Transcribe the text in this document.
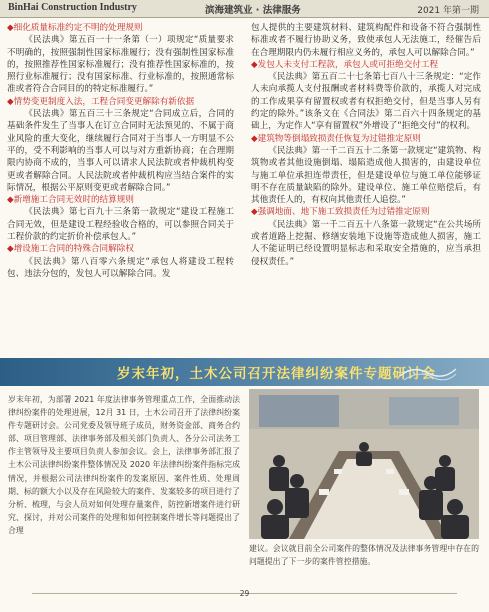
BinHai Construction Industry	滨海建筑业 · 法律服务	2021 年第一期

◆细化质量标准约定不明的处理规则

《民法典》第五百一十一条第（一）项规定“质量要求不明确的，按照强制性国家标准履行；没有强制性国家标准的，按照推荐性国家标准履行；没有推荐性国家标准的，按照行业标准履行；没有国家标准、行业标准的，按照通常标准或者符合合同目的的特定标准履行。”

◆情势变更制度入法，工程合同变更解除有新依据

《民法典》第五百三十三条规定“合同成立后，合同的基础条件发生了当事人在订立合同时无法预见的、不属于商业风险的重大变化，继续履行合同对于当事人一方明显不公平的，受不利影响的当事人可以与对方重新协商；在合理期限内协商不成的，当事人可以请求人民法院或者仲裁机构变更或者解除合同。人民法院或者仲裁机构应当结合案件的实际情况，根据公平原则变更或者解除合同。”

◆新增施工合同无效时的结算规则

《民法典》第七百九十三条第一款规定“建设工程施工合同无效，但是建设工程经验收合格的，可以参照合同关于工程价款的约定折价补偿承包人。”

◆增设施工合同的特殊合同解除权

《民法典》第八百零六条规定“承包人将建设工程转包、违法分包的，发包人可以解除合同。发

包人提供的主要建筑材料、建筑构配件和设备不符合强制性标准或者不履行协助义务，致使承包人无法施工，经催告后在合理期限内仍未履行相应义务的，承包人可以解除合同。”

◆发包人未支付工程款，承包人或可拒绝交付工程

《民法典》第五百二十七条第七百八十三条规定：“定作人未向承揽人支付报酬或者材料费等价款的，承揽人对完成的工作成果享有留置权或者有权拒绝交付，但是当事人另有约定的除外。”该条文在《合同法》第二百六十四条规定的基础上，为定作人“享有留置权”外增设了“拒绝交付”的权利。

◆建筑物等倒塌致损责任恢复为过错推定原则

《民法典》第一千二百五十二条第一款规定“建筑物、构筑物或者其他设施倒塌、塌陷造成他人损害的，由建设单位与施工单位承担连带责任，但是建设单位与施工单位能够证明不存在质量缺陷的除外。建设单位、施工单位赔偿后，有其他责任人的，有权向其他责任人追偿。”

◆强调地面、地下施工致损责任为过错推定原则

《民法典》第一千二百五十八条第一款规定“在公共场所或者道路上挖掘、修缮安装地下设施等造成他人损害，施工人不能证明已经设置明显标志和采取安全措施的，应当承担侵权责任。”

岁末年初，土木公司召开法律纠纷案件专题研讨会
岁末年初，为部署 2021 年度法律事务管理重点工作，全面推动法律纠纷案件的处理进展，12月 31 日，土木公司召开了法律纠纷案件专题研讨会。公司党委及领导班子成员，财务资金部、商务合约部、项目管理部、法律事务部及相关部门负责人、各分公司法务工作主管领导及主要项目负责人参加会议。会上，法律事务部汇报了土木公司法律纠纷案件整体情况及 2020 年法律纠纷案件指标完成情况，并根据公司法律纠纷案件的发案原因、案件性质、处理周期、标的额大小以及存在风险较大的案件、发案较多的项目进行了分析、梳理，与会人员对如何处理存量案件，防控新增案件进行研究、探讨，并对公司案件的处理和如何控制案件增长等问题提出了合理
建议。会议就目前全公司案件的整体情况及法律事务管理中存在的问题提出了下一步的案件管控措施。
29
